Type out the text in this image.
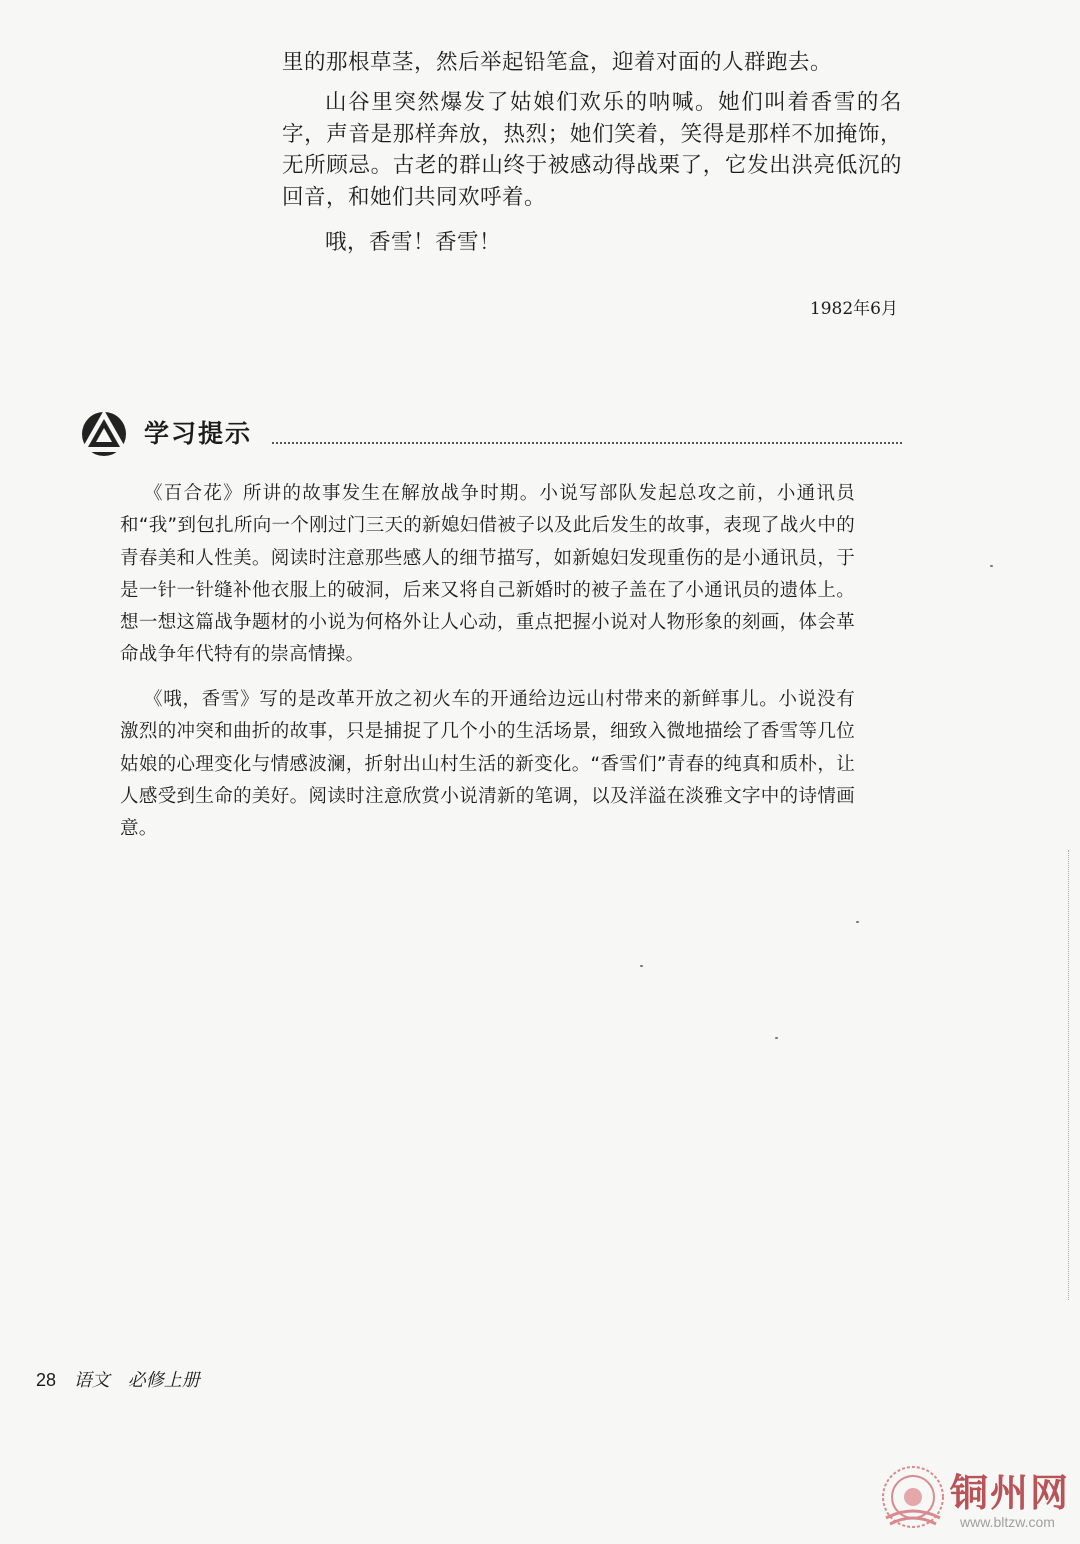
里的那根草茎，然后举起铅笔盒，迎着对面的人群跑去。

山谷里突然爆发了姑娘们欢乐的呐喊。她们叫着香雪的名字，声音是那样奔放，热烈；她们笑着，笑得是那样不加掩饰，无所顾忌。古老的群山终于被感动得战栗了，它发出洪亮低沉的回音，和她们共同欢呼着。

哦，香雪！香雪！

1982年6月
学习提示

《百合花》所讲的故事发生在解放战争时期。小说写部队发起总攻之前，小通讯员和“我”到包扎所向一个刚过门三天的新媳妇借被子以及此后发生的故事，表现了战火中的青春美和人性美。阅读时注意那些感人的细节描写，如新媳妇发现重伤的是小通讯员，于是一针一针缝补他衣服上的破洞，后来又将自己新婚时的被子盖在了小通讯员的遗体上。想一想这篇战争题材的小说为何格外让人心动，重点把握小说对人物形象的刻画，体会革命战争年代特有的崇高情操。

《哦，香雪》写的是改革开放之初火车的开通给边远山村带来的新鲜事儿。小说没有激烈的冲突和曲折的故事，只是捕捉了几个小的生活场景，细致入微地描绘了香雪等几位姑娘的心理变化与情感波澜，折射出山村生活的新变化。“香雪们”青春的纯真和质朴，让人感受到生命的美好。阅读时注意欣赏小说清新的笔调，以及洋溢在淡雅文字中的诗情画意。

28 语文　必修上册
铜州网
www.bltzw.com
